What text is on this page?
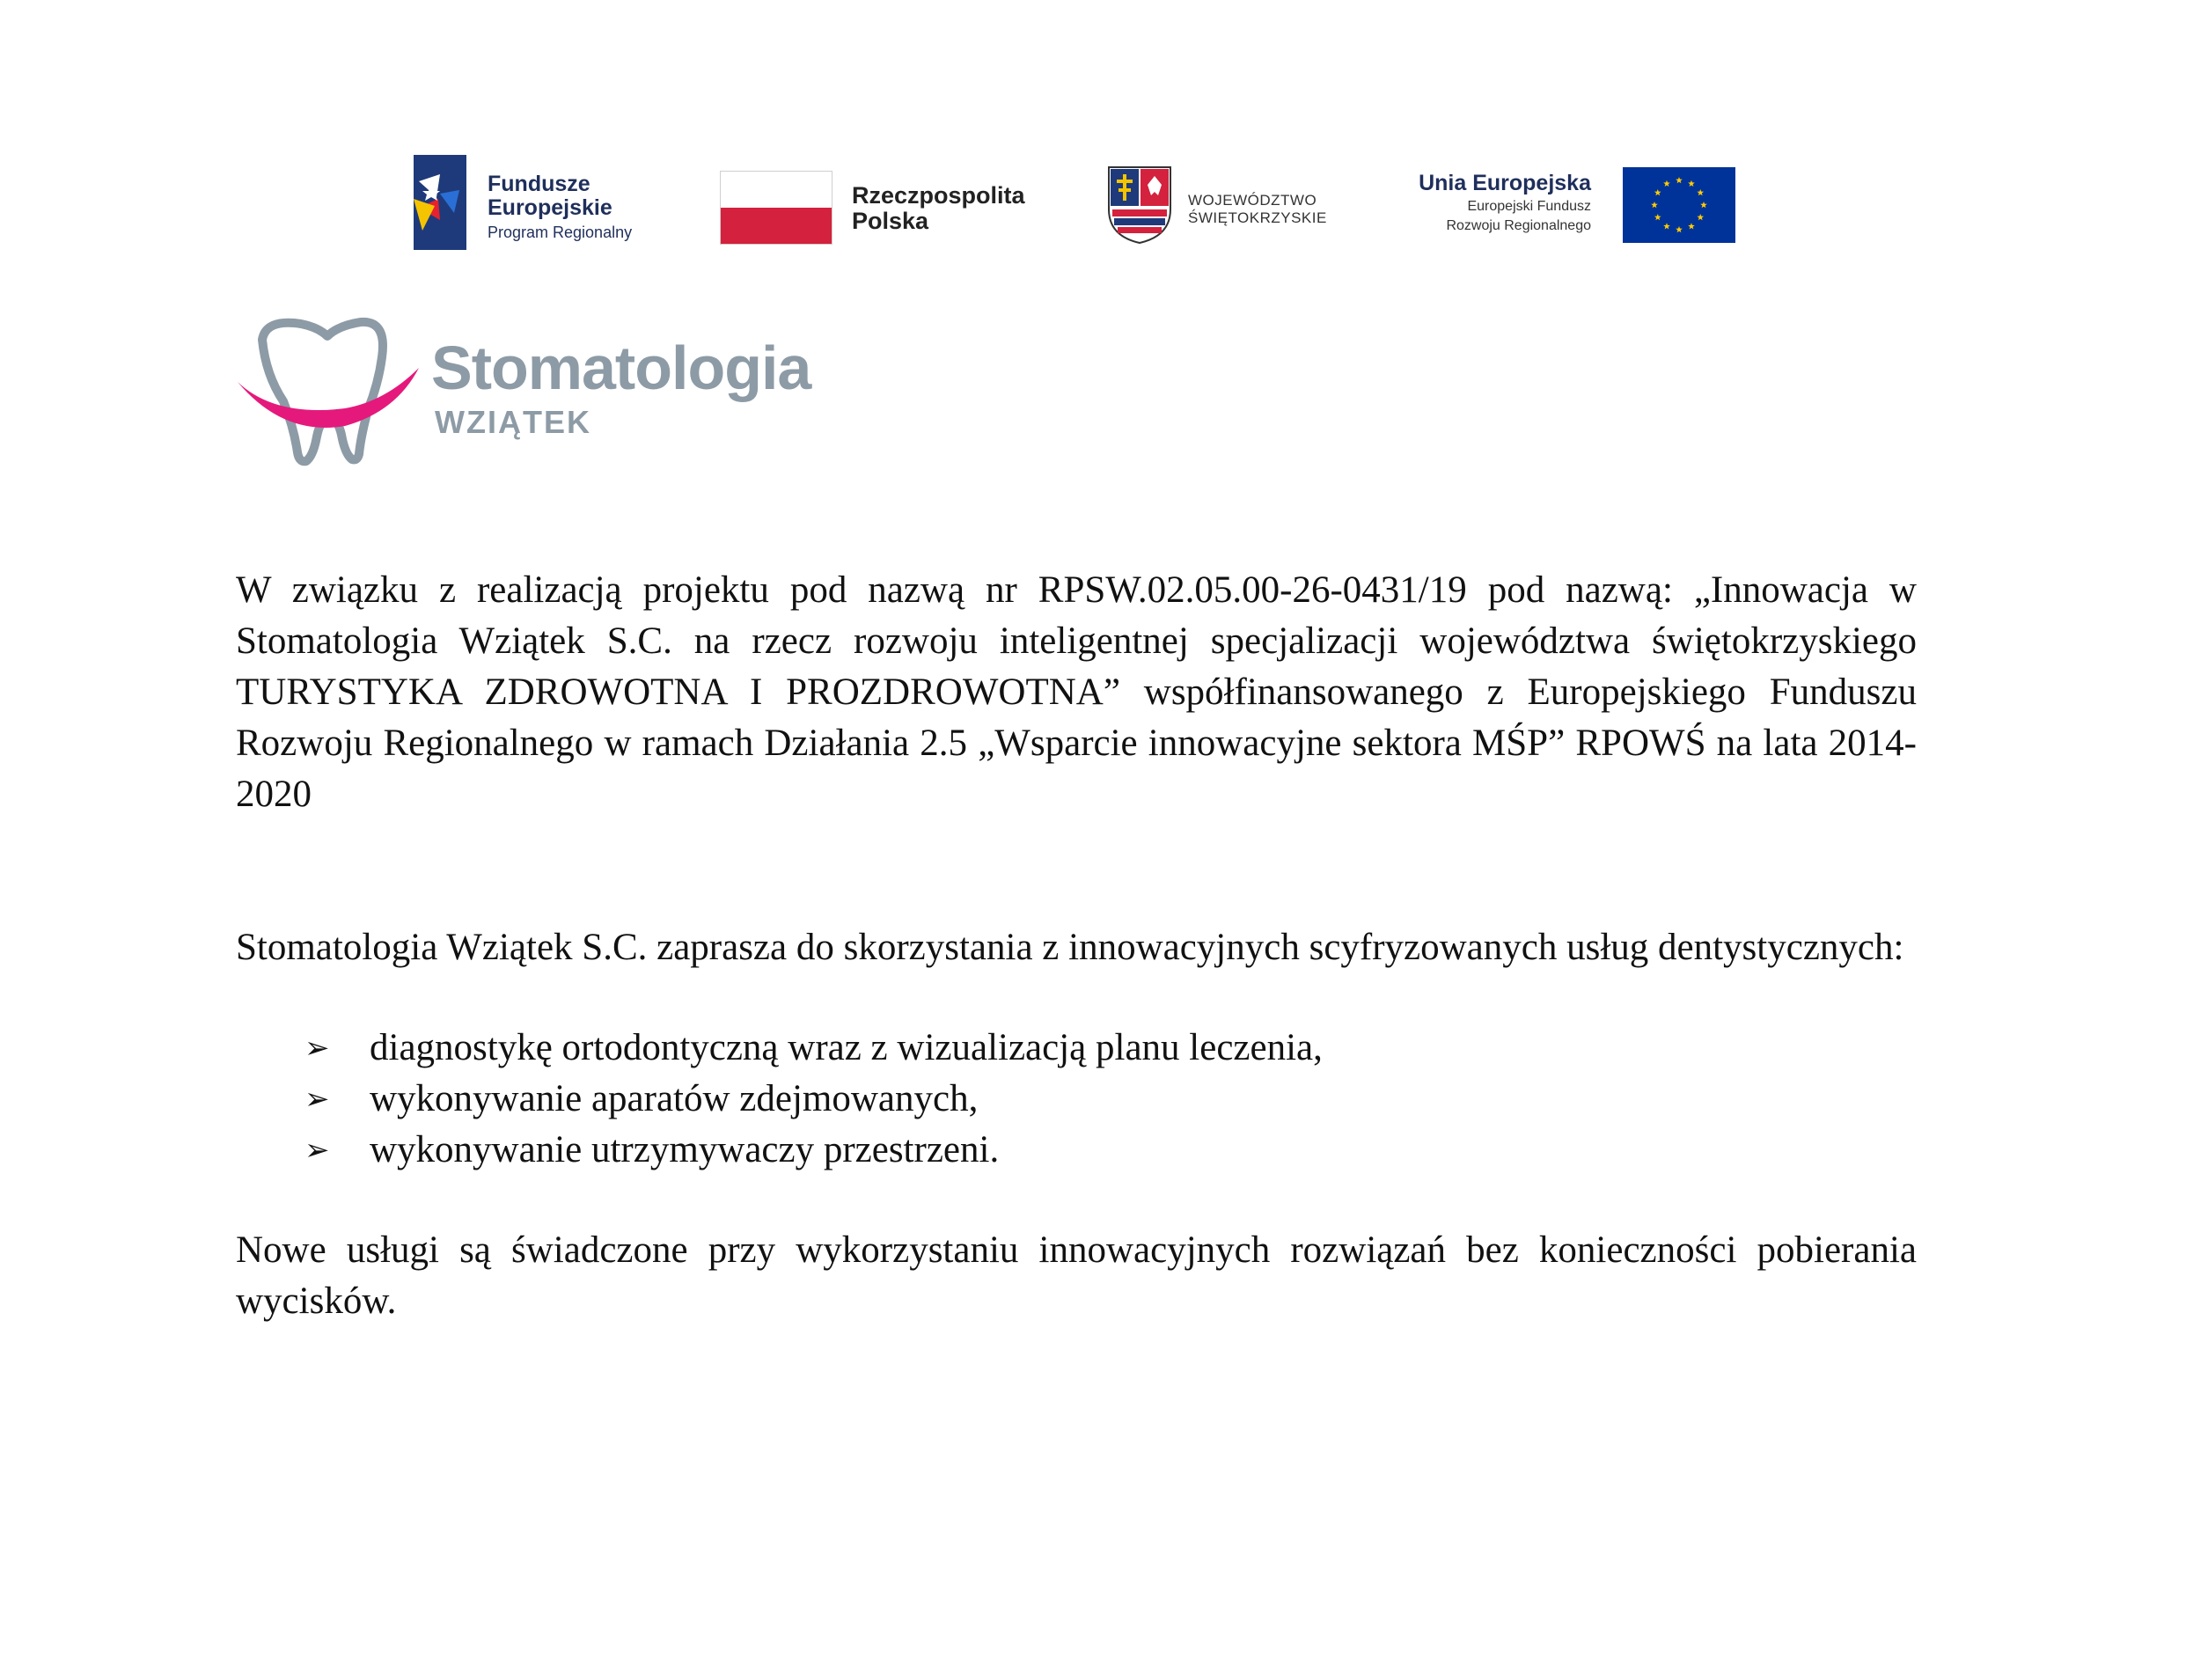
Fundusze
Europejskie
Program Regionalny
Rzeczpospolita
Polska
WOJEWÓDZTWO
ŚWIĘTOKRZYSKIE
Unia Europejska
Europejski Fundusz
Rozwoju Regionalnego
Stomatologia
WZIĄTEK

W związku z realizacją projektu pod nazwą nr RPSW.02.05.00-26-0431/19 pod nazwą: „Innowacja w Stomatologia Wziątek S.C. na rzecz rozwoju inteligentnej specjalizacji województwa świętokrzyskiego TURYSTYKA ZDROWOTNA I PROZDROWOTNA” współfinansowanego z Europejskiego Funduszu Rozwoju Regionalnego w ramach Działania 2.5 „Wsparcie innowacyjne sektora MŚP” RPOWŚ na lata 2014-2020

Stomatologia Wziątek S.C. zaprasza do skorzystania z innowacyjnych scyfryzowanych usług dentystycznych:

➢ diagnostykę ortodontyczną wraz z wizualizacją planu leczenia,
➢ wykonywanie aparatów zdejmowanych,
➢ wykonywanie utrzymywaczy przestrzeni.

Nowe usługi są świadczone przy wykorzystaniu innowacyjnych rozwiązań bez konieczności pobierania wycisków.
